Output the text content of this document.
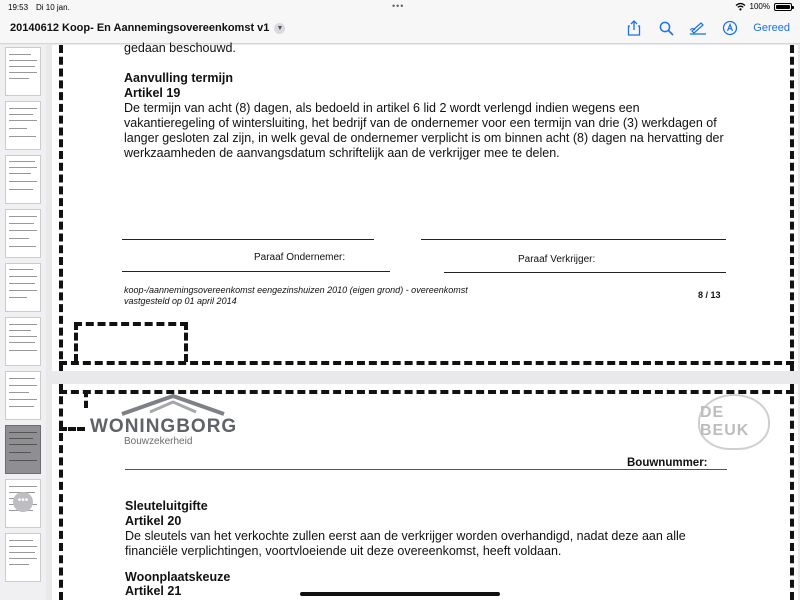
19:53 Di 10 jan.	•••	100%
20140612 Koop- En Aannemingsovereenkomst v1 ▼	Gereed
•••
gedaan beschouwd.
Aanvulling termijn
Artikel 19
De termijn van acht (8) dagen, als bedoeld in artikel 6 lid 2 wordt verlengd indien wegens een
vakantieregeling of wintersluiting, het bedrijf van de ondernemer voor een termijn van drie (3) werkdagen of
langer gesloten zal zijn, in welk geval de ondernemer verplicht is om binnen acht (8) dagen na hervatting der
werkzaamheden de aanvangsdatum schriftelijk aan de verkrijger mee te delen.
Paraaf Ondernemer:	Paraaf Verkrijger:
koop-/aannemingsovereenkomst eengezinshuizen 2010 (eigen grond) - overeenkomst
vastgesteld op 01 april 2014
8 / 13
WONINGBORG
Bouwzekerheid
DE BEUK
Bouwnummer:
Sleuteluitgifte
Artikel 20
De sleutels van het verkochte zullen eerst aan de verkrijger worden overhandigd, nadat deze aan alle
financiële verplichtingen, voortvloeiende uit deze overeenkomst, heeft voldaan.
Woonplaatskeuze
Artikel 21
